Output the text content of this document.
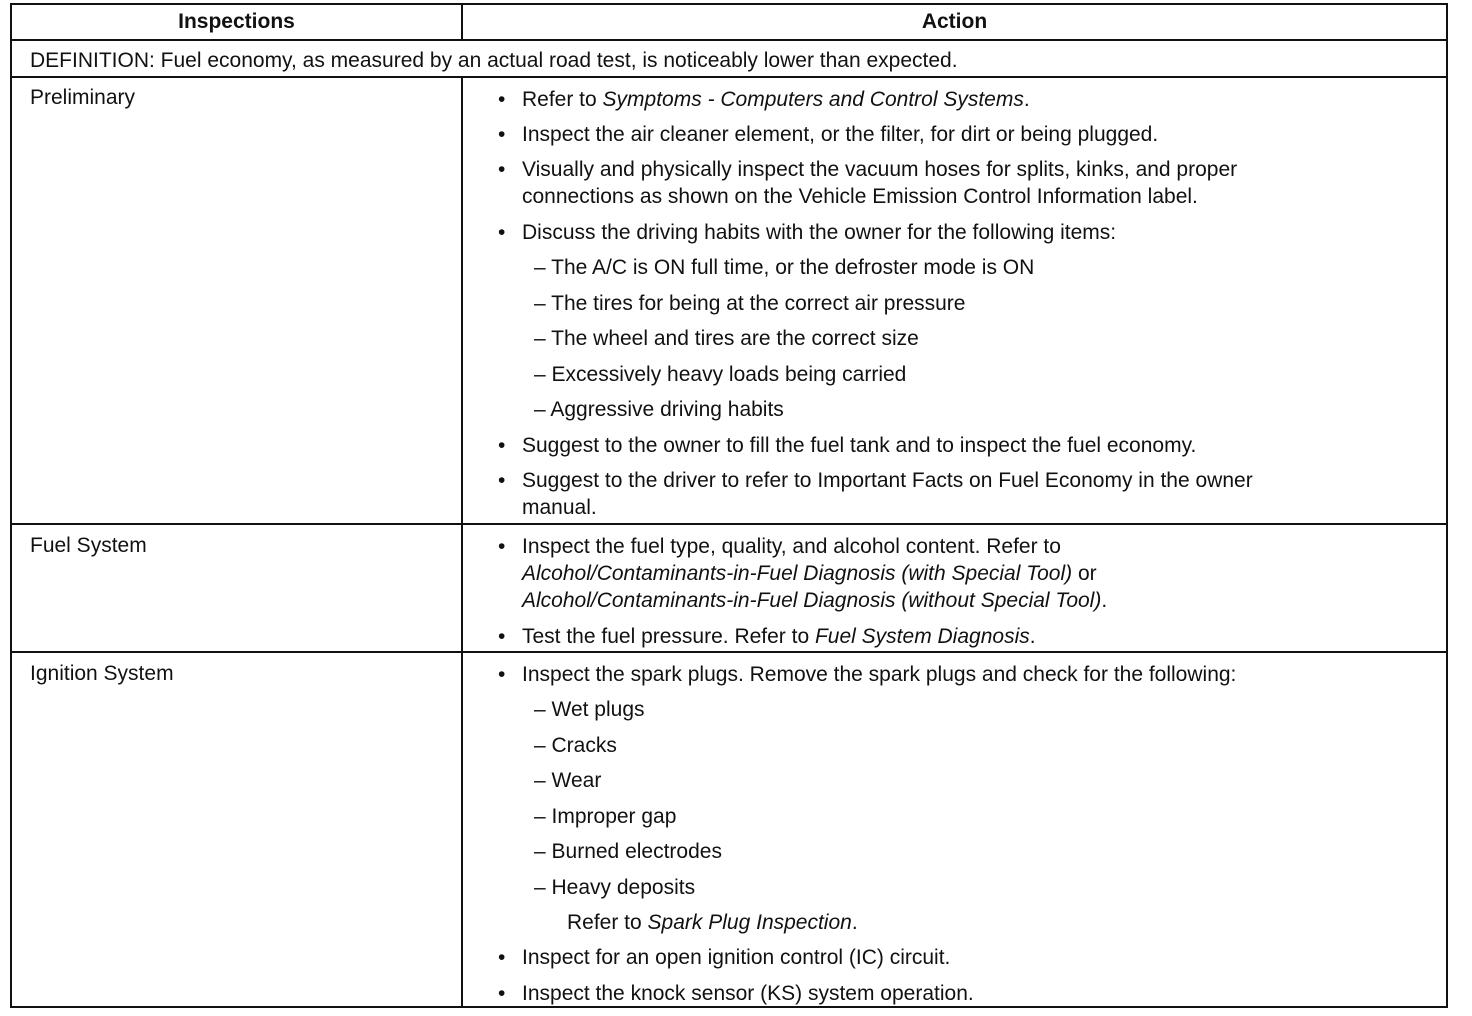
Inspections	Action
DEFINITION: Fuel economy, as measured by an actual road test, is noticeably lower than expected.
Preliminary	• Refer to Symptoms - Computers and Control Systems.
• Inspect the air cleaner element, or the filter, for dirt or being plugged.
• Visually and physically inspect the vacuum hoses for splits, kinks, and proper
connections as shown on the Vehicle Emission Control Information label.
• Discuss the driving habits with the owner for the following items:
– The A/C is ON full time, or the defroster mode is ON
– The tires for being at the correct air pressure
– The wheel and tires are the correct size
– Excessively heavy loads being carried
– Aggressive driving habits
• Suggest to the owner to fill the fuel tank and to inspect the fuel economy.
• Suggest to the driver to refer to Important Facts on Fuel Economy in the owner
manual.
Fuel System	• Inspect the fuel type, quality, and alcohol content. Refer to
Alcohol/Contaminants-in-Fuel Diagnosis (with Special Tool) or
Alcohol/Contaminants-in-Fuel Diagnosis (without Special Tool).
• Test the fuel pressure. Refer to Fuel System Diagnosis.
Ignition System	• Inspect the spark plugs. Remove the spark plugs and check for the following:
– Wet plugs
– Cracks
– Wear
– Improper gap
– Burned electrodes
– Heavy deposits
Refer to Spark Plug Inspection.
• Inspect for an open ignition control (IC) circuit.
• Inspect the knock sensor (KS) system operation.
